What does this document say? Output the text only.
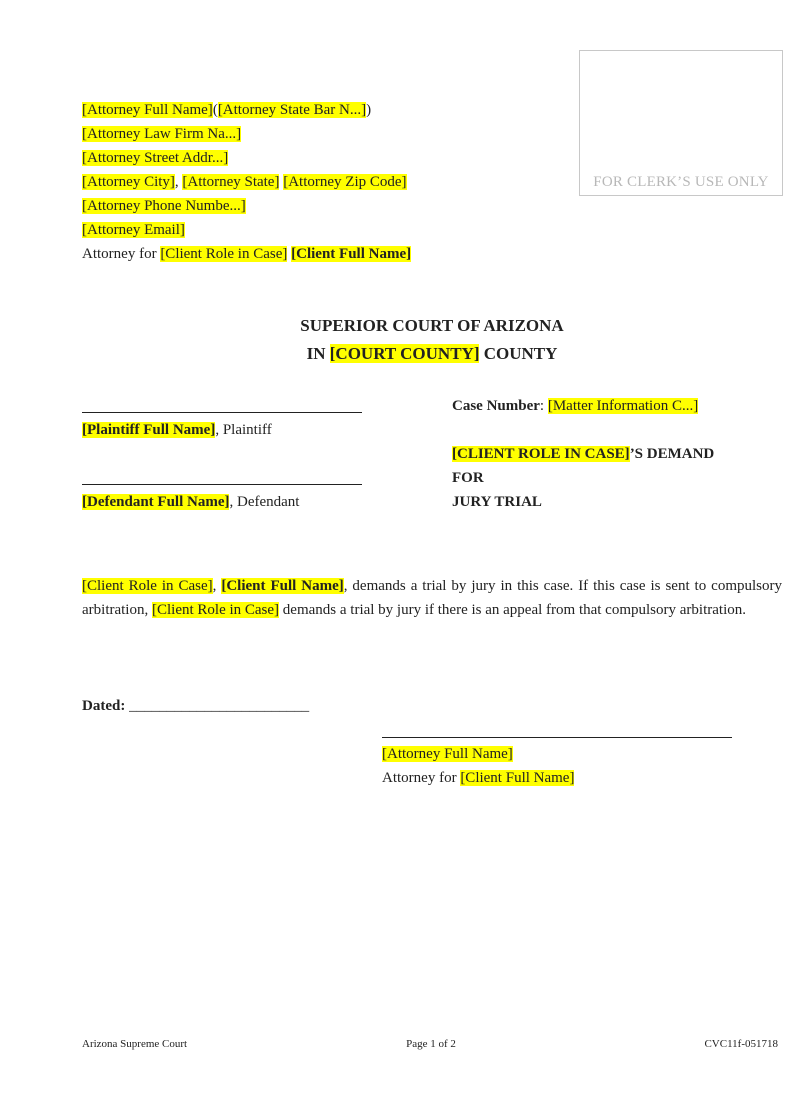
FOR CLERK’S USE ONLY
[Attorney Full Name]([Attorney State Bar N...])
[Attorney Law Firm Na...]
[Attorney Street Addr...]
[Attorney City], [Attorney State] [Attorney Zip Code]
[Attorney Phone Numbe...]
[Attorney Email]
Attorney for [Client Role in Case] [Client Full Name]
SUPERIOR COURT OF ARIZONA
IN [COURT COUNTY] COUNTY
[Plaintiff Full Name], Plaintiff
[Defendant Full Name], Defendant
Case Number: [Matter Information C...]
[CLIENT ROLE IN CASE]’S DEMAND
FOR
JURY TRIAL
[Client Role in Case], [Client Full Name], demands a trial by jury in this case. If this case is sent to compulsory arbitration, [Client Role in Case] demands a trial by jury if there is an appeal from that compulsory arbitration.
Dated: ________________________
[Attorney Full Name]
Attorney for [Client Full Name]
Arizona Supreme Court	Page 1 of 2	CVC11f-051718
